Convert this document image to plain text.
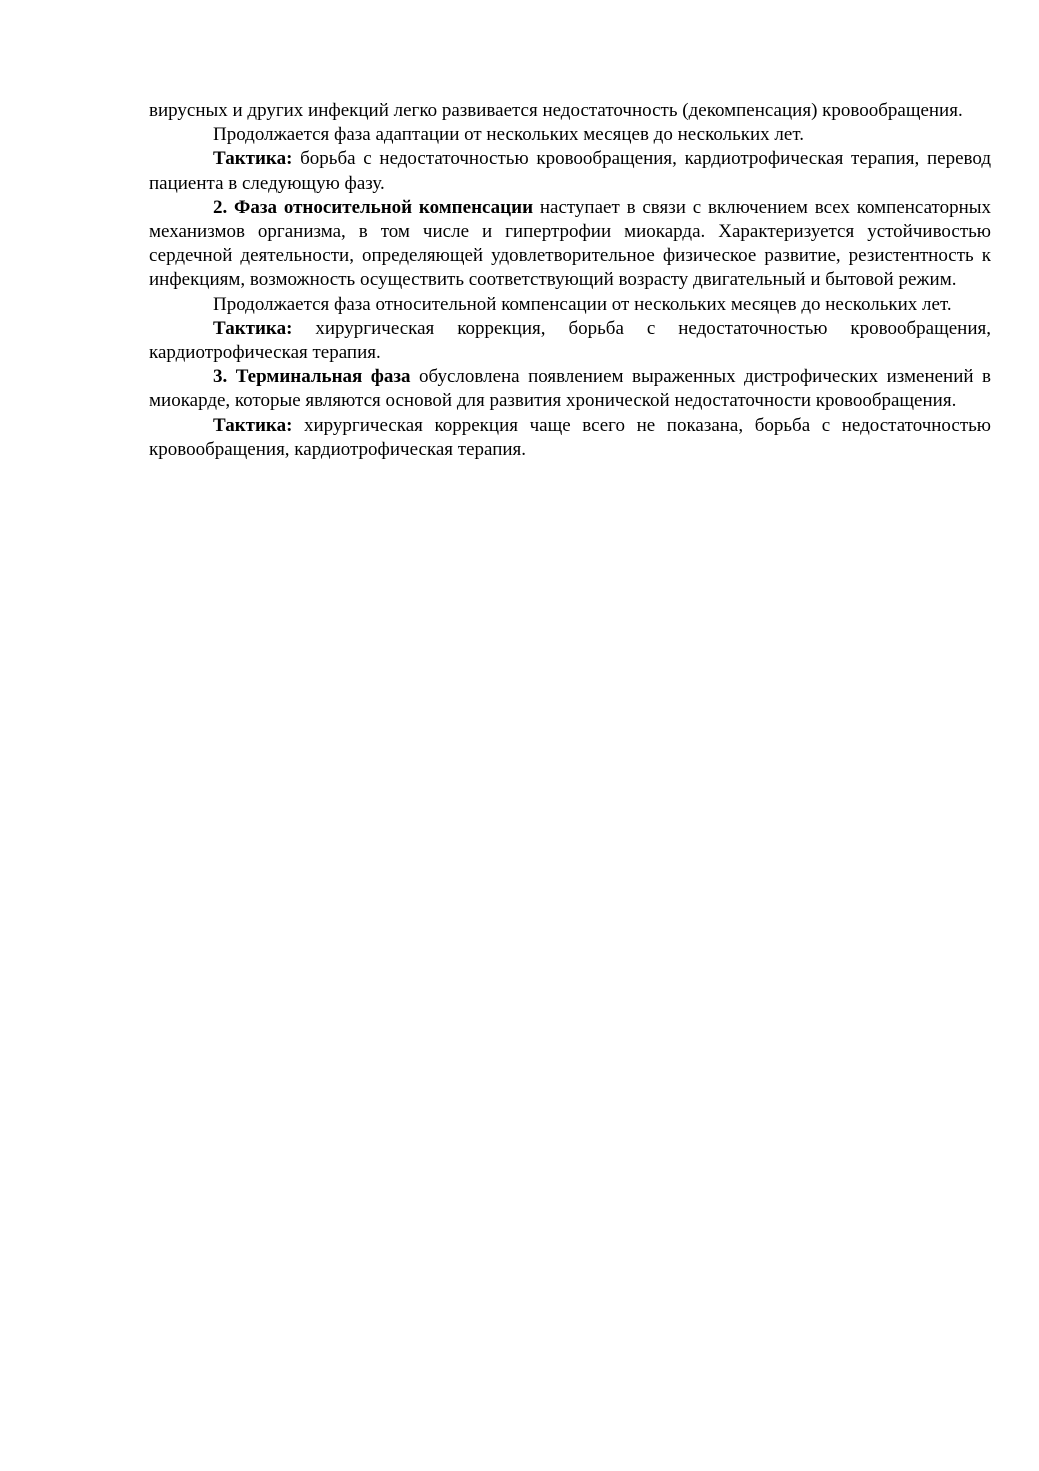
вирусных и других инфекций легко развивается недостаточность (декомпенсация) кровообращения.

Продолжается фаза адаптации от нескольких месяцев до нескольких лет.

Тактика: борьба с недостаточностью кровообращения, кардиотрофическая терапия, перевод пациента в следующую фазу.

2. Фаза относительной компенсации наступает в связи с включением всех компенсаторных механизмов организма, в том числе и гипертрофии миокарда. Характеризуется устойчивостью сердечной деятельности, определяющей удовлетворительное физическое развитие, резистентность к инфекциям, возможность осуществить соответствующий возрасту двигательный и бытовой режим.

Продолжается фаза относительной компенсации от нескольких месяцев до нескольких лет.

Тактика: хирургическая коррекция, борьба с недостаточностью кровообращения, кардиотрофическая терапия.

3. Терминальная фаза обусловлена появлением выраженных дистрофических изменений в миокарде, которые являются основой для развития хронической недостаточности кровообращения.

Тактика: хирургическая коррекция чаще всего не показана, борьба с недостаточностью кровообращения, кардиотрофическая терапия.
